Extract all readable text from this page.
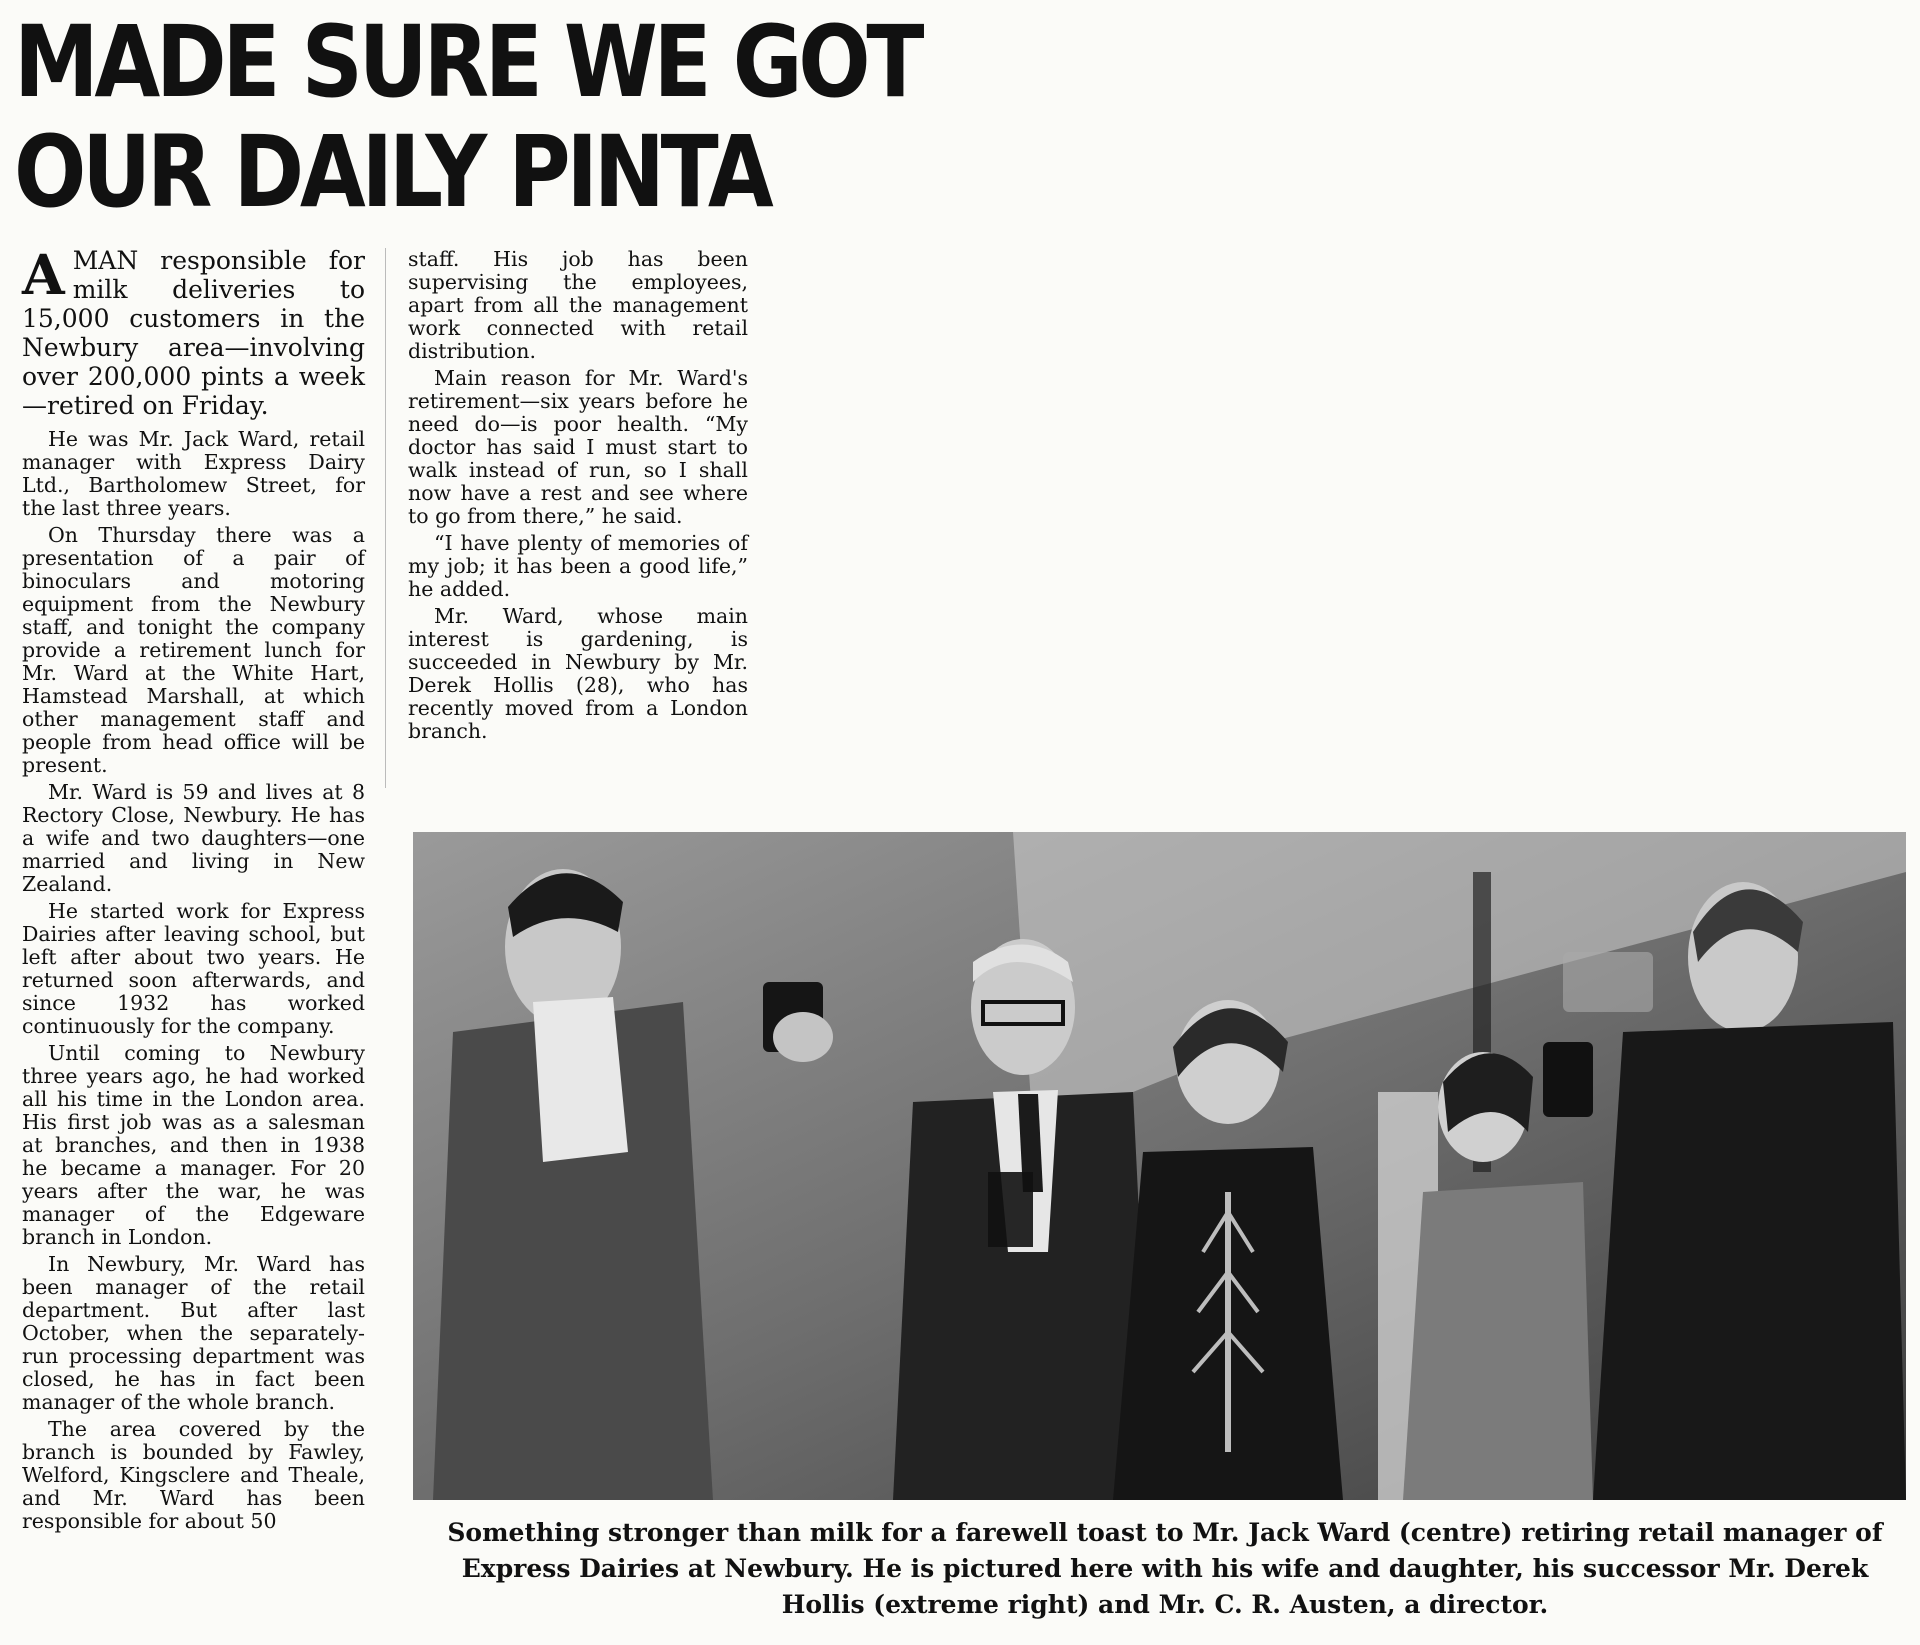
MADE SURE WE GOT
OUR DAILY PINTA

A MAN responsible for milk deliveries to 15,000 customers in the Newbury area—involving over 200,000 pints a week —retired on Friday.

He was Mr. Jack Ward, retail manager with Express Dairy Ltd., Bartholomew Street, for the last three years.

On Thursday there was a presentation of a pair of binoculars and motoring equipment from the Newbury staff, and tonight the company provide a retirement lunch for Mr. Ward at the White Hart, Hamstead Marshall, at which other management staff and people from head office will be present.

Mr. Ward is 59 and lives at 8 Rectory Close, Newbury. He has a wife and two daughters—one married and living in New Zealand.

He started work for Express Dairies after leaving school, but left after about two years. He returned soon afterwards, and since 1932 has worked continuously for the company.

Until coming to Newbury three years ago, he had worked all his time in the London area. His first job was as a salesman at branches, and then in 1938 he became a manager. For 20 years after the war, he was manager of the Edgeware branch in London.

In Newbury, Mr. Ward has been manager of the retail department. But after last October, when the separately-run processing department was closed, he has in fact been manager of the whole branch.

The area covered by the branch is bounded by Fawley, Welford, Kingsclere and Theale, and Mr. Ward has been responsible for about 50

staff. His job has been supervising the employees, apart from all the management work connected with retail distribution.

Main reason for Mr. Ward's retirement—six years before he need do—is poor health. “My doctor has said I must start to walk instead of run, so I shall now have a rest and see where to go from there,” he said.

“I have plenty of memories of my job; it has been a good life,” he added.

Mr. Ward, whose main interest is gardening, is succeeded in Newbury by Mr. Derek Hollis (28), who has recently moved from a London branch.

Something stronger than milk for a farewell toast to Mr. Jack Ward (centre) retiring retail manager of Express Dairies at Newbury. He is pictured here with his wife and daughter, his successor Mr. Derek Hollis (extreme right) and Mr. C. R. Austen, a director.
